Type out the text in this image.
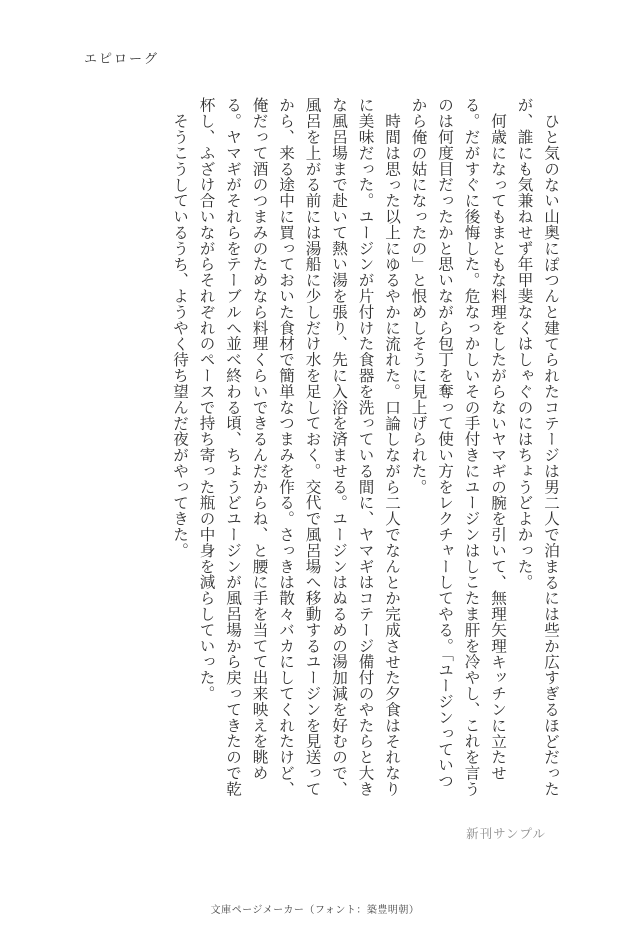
エピローグ

ひと気のない山奥にぽつんと建てられたコテージは男二人で泊まるには些か広すぎるほどだったが、誰にも気兼ねせず年甲斐なくはしゃぐのにはちょうどよかった。

何歳になってもまともな料理をしたがらないヤマギの腕を引いて、無理矢理キッチンに立たせる。だがすぐに後悔した。危なっかしいその手付きにユージンはしこたま肝を冷やし、これを言うのは何度目だったかと思いながら包丁を奪って使い方をレクチャーしてやる。「ユージンっていつから俺の姑になったの」と恨めしそうに見上げられた。

時間は思った以上にゆるやかに流れた。口論しながら二人でなんとか完成させた夕食はそれなりに美味だった。ユージンが片付けた食器を洗っている間に、ヤマギはコテージ備付のやたらと大きな風呂場まで赴いて熱い湯を張り、先に入浴を済ませる。ユージンはぬるめの湯加減を好むので、風呂を上がる前には湯船に少しだけ水を足しておく。交代で風呂場へ移動するユージンを見送ってから、来る途中に買っておいた食材で簡単なつまみを作る。さっきは散々バカにしてくれたけど、俺だって酒のつまみのためなら料理くらいできるんだからね、と腰に手を当てて出来映えを眺める。ヤマギがそれらをテーブルへ並べ終わる頃、ちょうどユージンが風呂場から戻ってきたので乾杯し、ふざけ合いながらそれぞれのペースで持ち寄った瓶の中身を減らしていった。

そうこうしているうち、ようやく待ち望んだ夜がやってきた。

新刊サンプル
文庫ページメーカー（フォント：築豊明朝）
